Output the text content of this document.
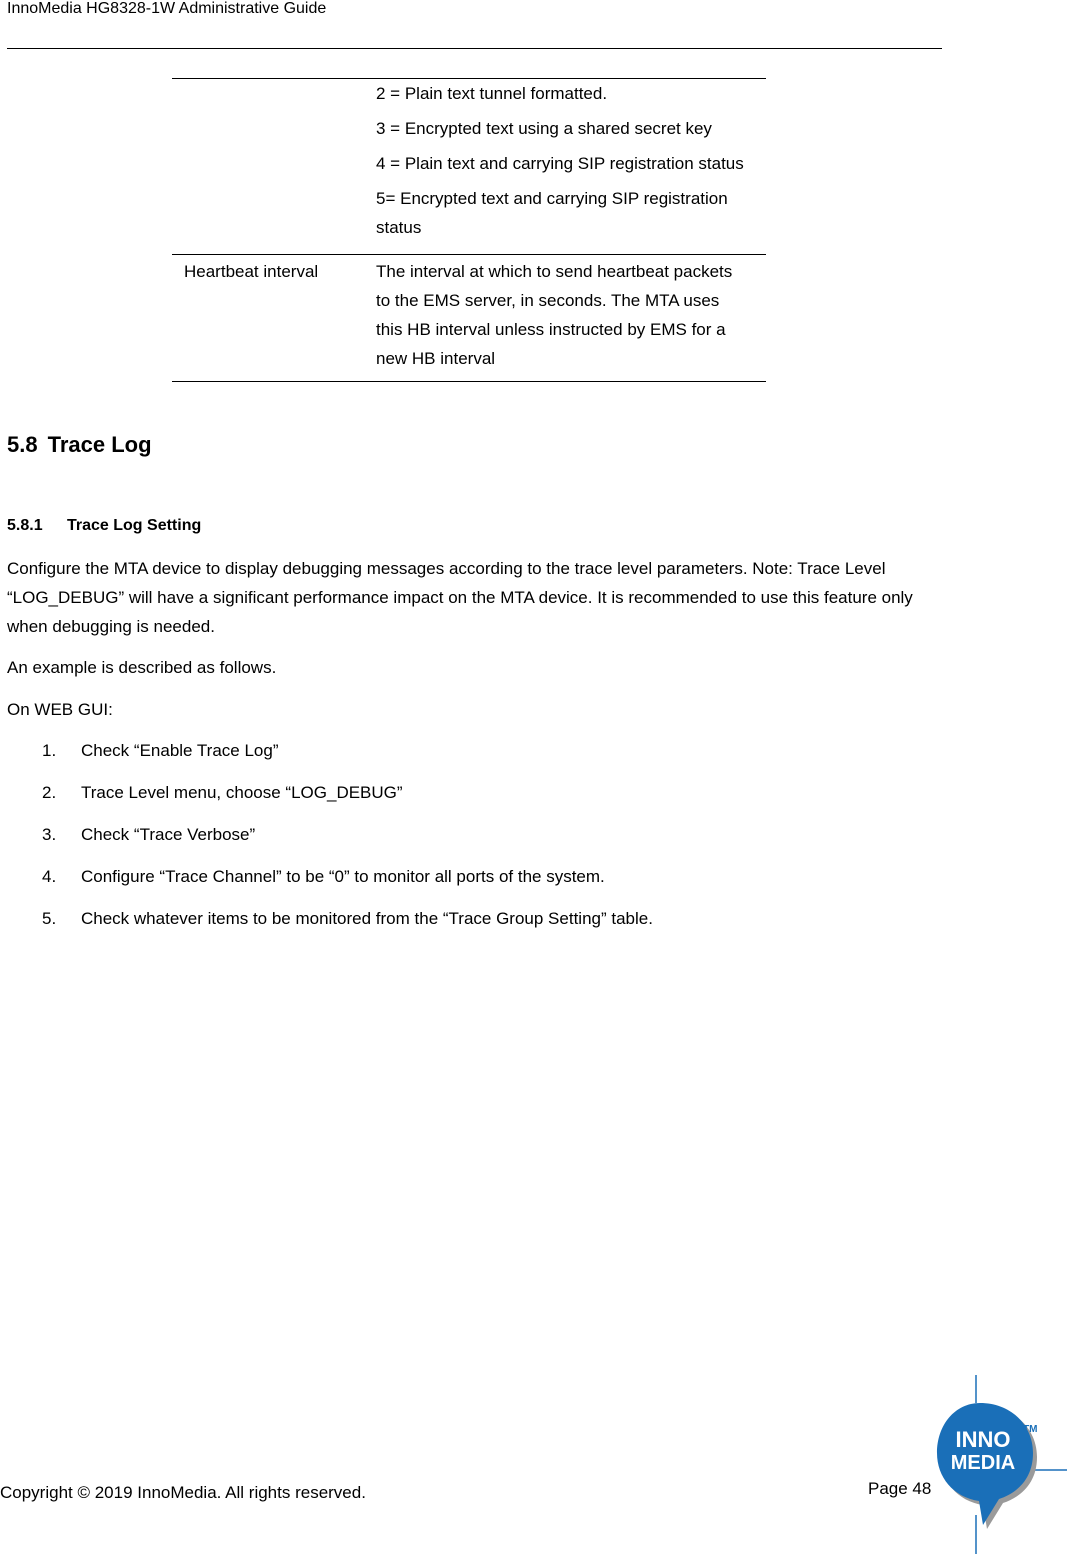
InnoMedia HG8328-1W Administrative Guide

	2 = Plain text tunnel formatted.

3 = Encrypted text using a shared secret key

4 = Plain text and carrying SIP registration status

5= Encrypted text and carrying SIP registration status

Heartbeat interval	The interval at which to send heartbeat packets to the EMS server, in seconds. The MTA uses this HB interval unless instructed by EMS for a new HB interval
5.8 Trace Log
5.8.1 Trace Log Setting

Configure the MTA device to display debugging messages according to the trace level parameters. Note: Trace Level “LOG_DEBUG” will have a significant performance impact on the MTA device. It is recommended to use this feature only when debugging is needed.

An example is described as follows.

On WEB GUI:

1. Check “Enable Trace Log”
2. Trace Level menu, choose “LOG_DEBUG”
3. Check “Trace Verbose”
4. Configure “Trace Channel” to be “0” to monitor all ports of the system.
5. Check whatever items to be monitored from the “Trace Group Setting” table.
Copyright © 2019 InnoMedia. All rights reserved.	Page 48
INNO
MEDIA
TM
